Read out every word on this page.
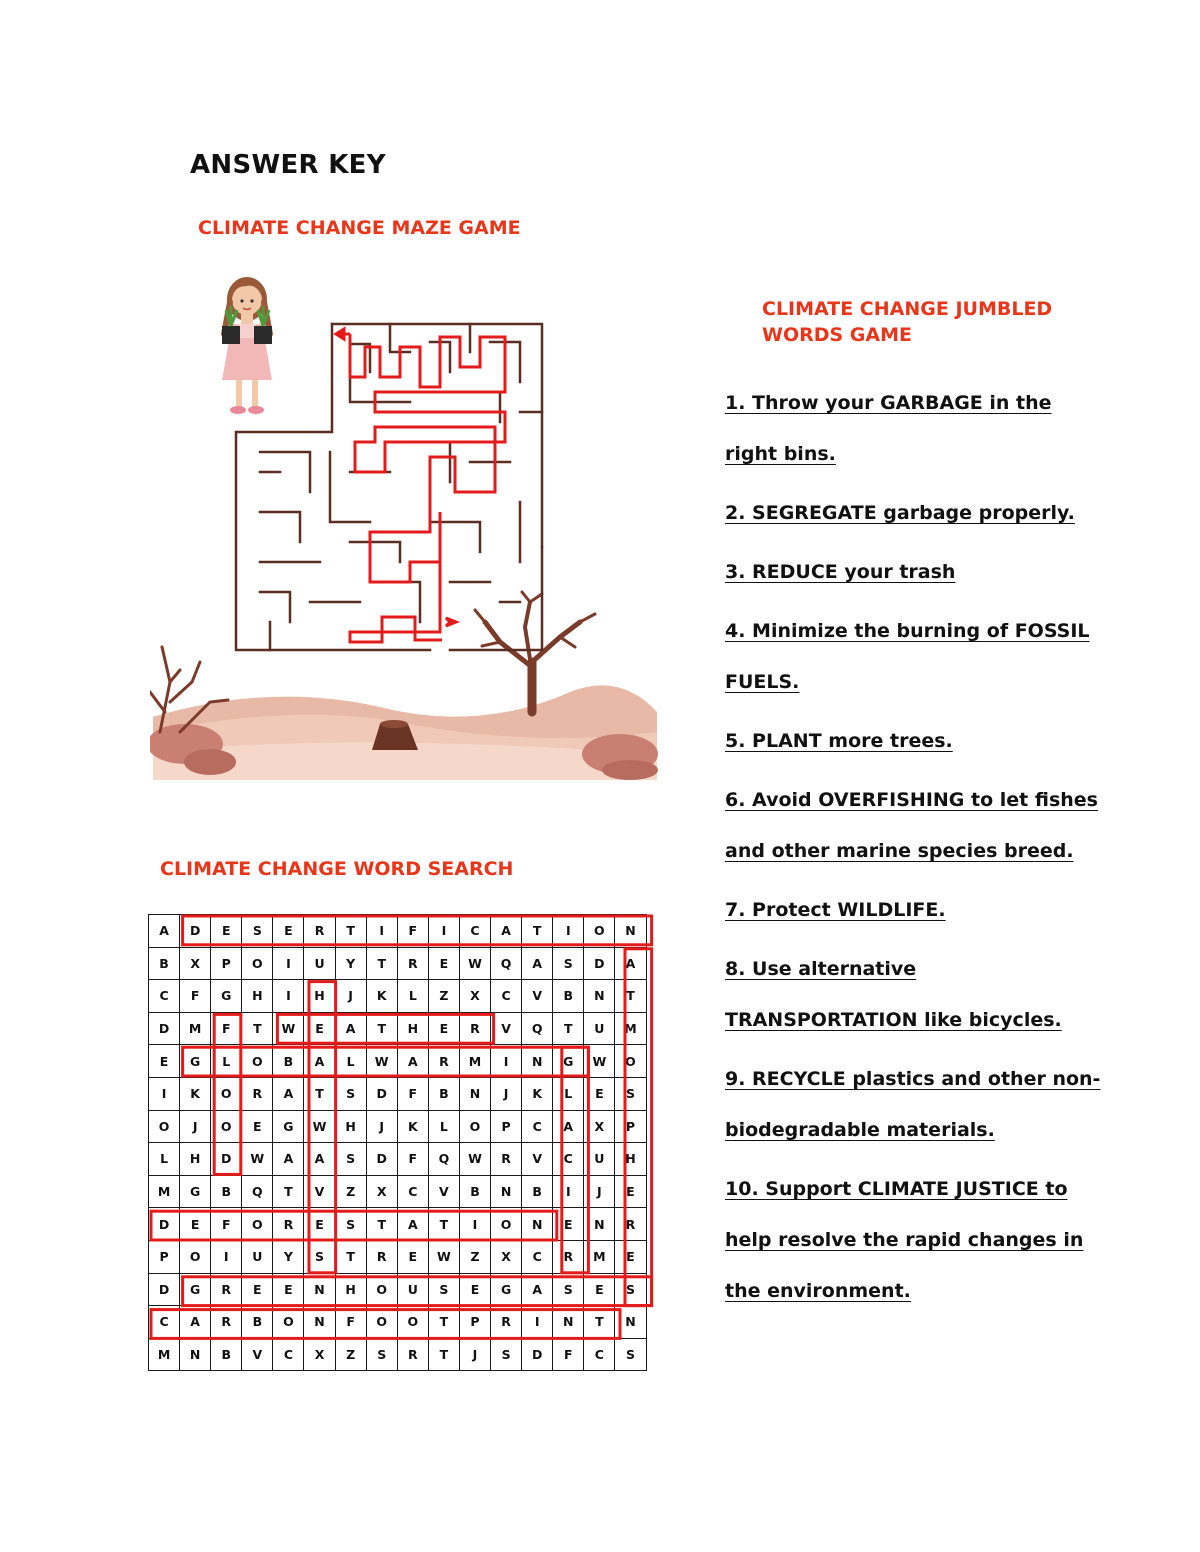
ANSWER KEY
CLIMATE CHANGE MAZE GAME
CLIMATE CHANGE JUMBLED WORDS GAME
1. Throw your GARBAGE in the right bins.
2. SEGREGATE garbage properly.
3. REDUCE your trash
4. Minimize the burning of FOSSIL FUELS.
5. PLANT more trees.
6. Avoid OVERFISHING to let fishes and other marine species breed.
7. Protect WILDLIFE.
8. Use alternative TRANSPORTATION like bicycles.
9. RECYCLE plastics and other non-biodegradable materials.
10. Support CLIMATE JUSTICE to help resolve the rapid changes in the environment.
CLIMATE CHANGE WORD SEARCH
A	D	E	S	E	R	T	I	F	I	C	A	T	I	O	N
B	X	P	O	I	U	Y	T	R	E	W	Q	A	S	D	A
C	F	G	H	I	H	J	K	L	Z	X	C	V	B	N	T
D	M	F	T	W	E	A	T	H	E	R	V	Q	T	U	M
E	G	L	O	B	A	L	W	A	R	M	I	N	G	W	O
I	K	O	R	A	T	S	D	F	B	N	J	K	L	E	S
O	J	O	E	G	W	H	J	K	L	O	P	C	A	X	P
L	H	D	W	A	A	S	D	F	Q	W	R	V	C	U	H
M	G	B	Q	T	V	Z	X	C	V	B	N	B	I	J	E
D	E	F	O	R	E	S	T	A	T	I	O	N	E	N	R
P	O	I	U	Y	S	T	R	E	W	Z	X	C	R	M	E
D	G	R	E	E	N	H	O	U	S	E	G	A	S	E	S
C	A	R	B	O	N	F	O	O	T	P	R	I	N	T	N
M	N	B	V	C	X	Z	S	R	T	J	S	D	F	C	S
